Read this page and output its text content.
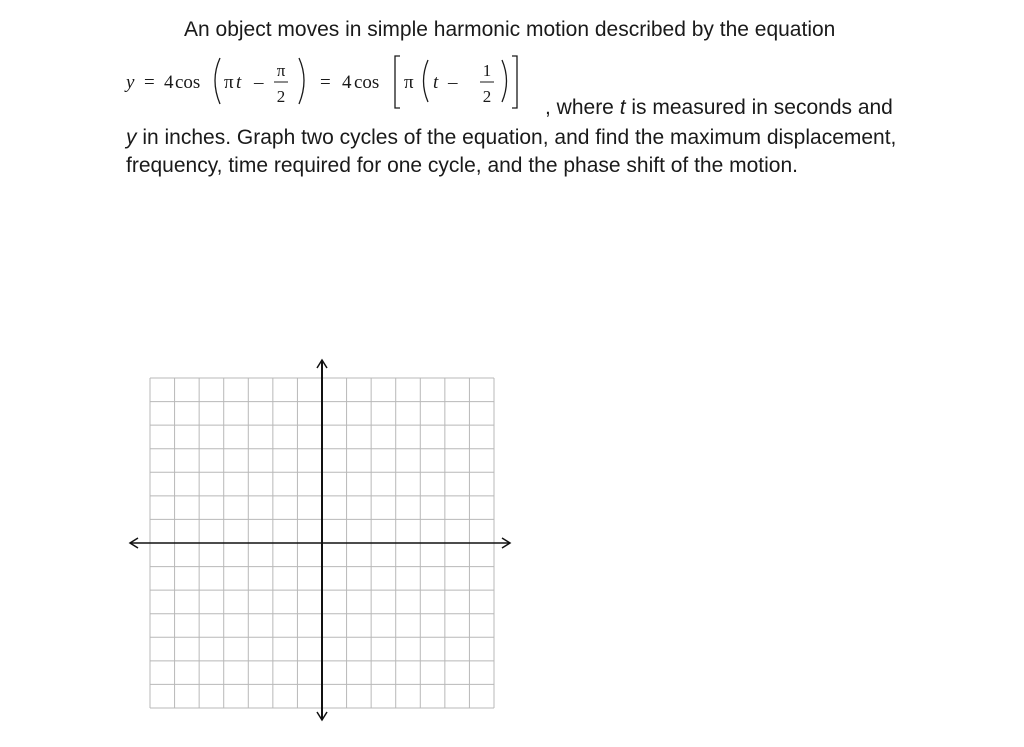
An object moves in simple harmonic motion described by the equation
y = 4 cos π t –
π
2
= 4 cos π t –
1
2	, where t is measured in seconds and
y in inches. Graph two cycles of the equation, and find the maximum displacement, frequency, time required for one cycle, and the phase shift of the motion.
